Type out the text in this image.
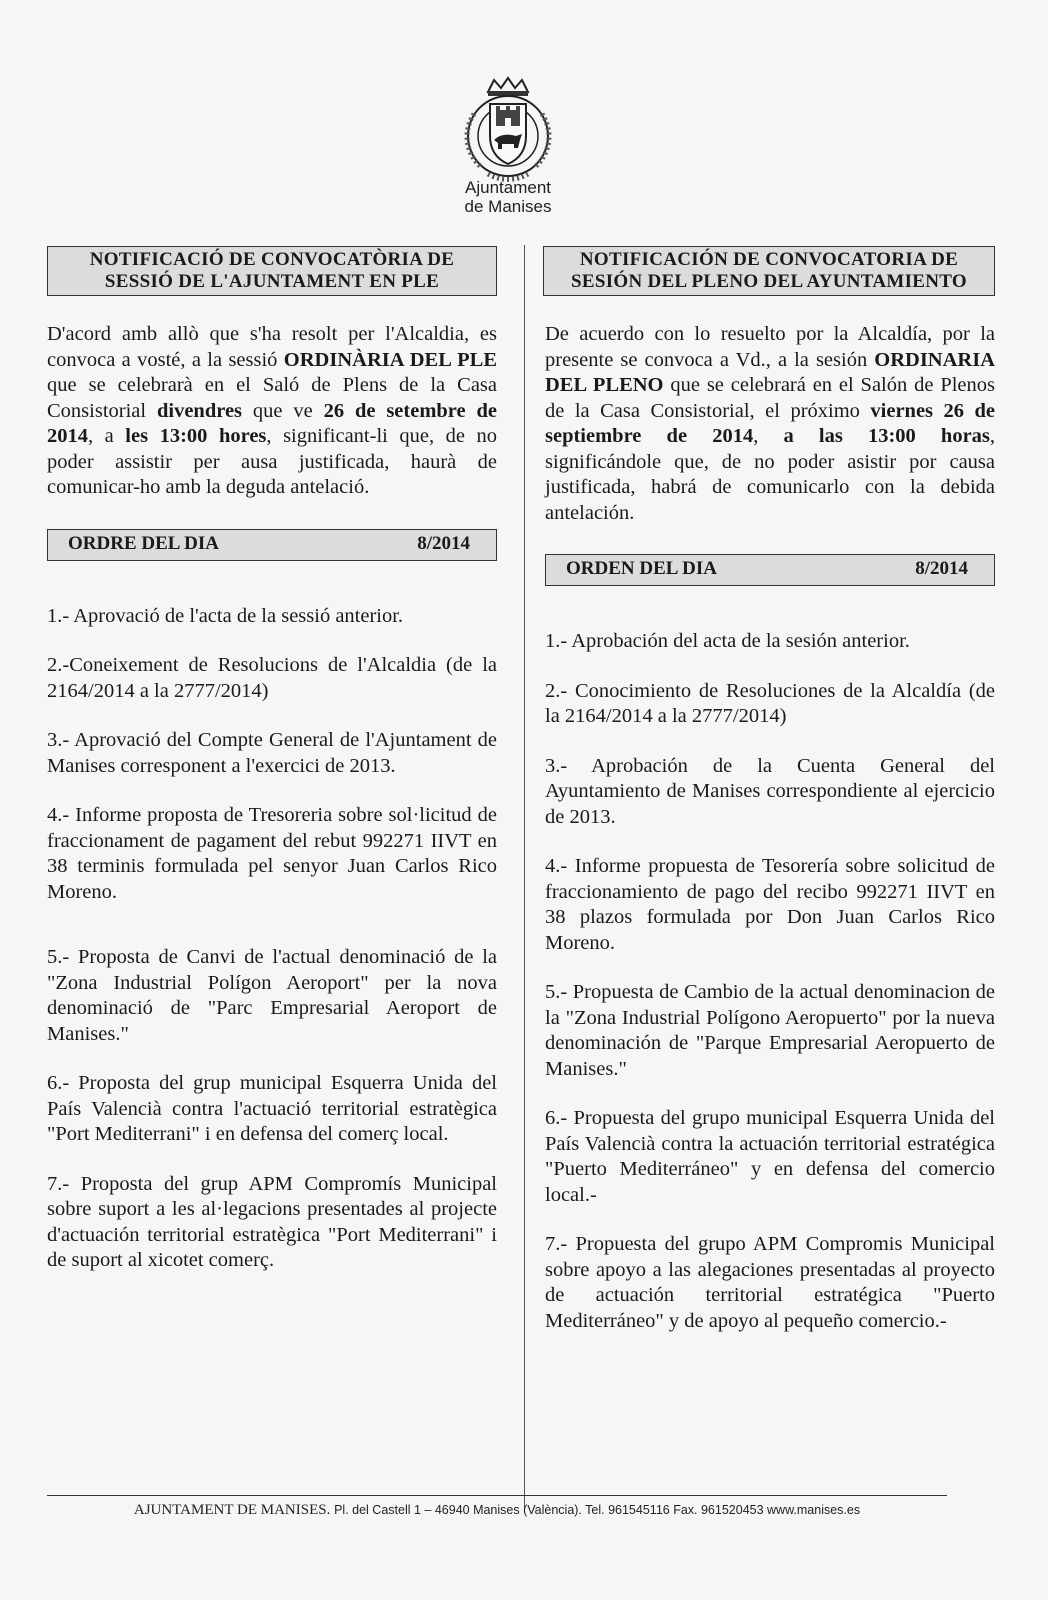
Ajuntament
de Manises
NOTIFICACIÓ DE CONVOCATÒRIA DE
SESSIÓ DE L'AJUNTAMENT EN PLE
D'acord amb allò que s'ha resolt per l'Alcaldia, es convoca a vosté, a la sessió ORDINÀRIA DEL PLE que se celebrarà en el Saló de Plens de la Casa Consistorial divendres que ve 26 de setembre de 2014, a les 13:00 hores, significant-li que, de no poder assistir per ausa justificada, haurà de comunicar-ho amb la deguda antelació.
ORDRE DEL DIA	8/2014
1.- Aprovació de l'acta de la sessió anterior.
2.-Coneixement de Resolucions de l'Alcaldia (de la 2164/2014 a la 2777/2014)
3.- Aprovació del Compte General de l'Ajuntament de Manises corresponent a l'exercici de 2013.
4.- Informe proposta de Tresoreria sobre sol·licitud de fraccionament de pagament del rebut 992271 IIVT en 38 terminis formulada pel senyor Juan Carlos Rico Moreno.
5.- Proposta de Canvi de l'actual denominació de la "Zona Industrial Polígon Aeroport" per la nova denominació de "Parc Empresarial Aeroport de Manises."
6.- Proposta del grup municipal Esquerra Unida del País Valencià contra l'actuació territorial estratègica "Port Mediterrani" i en defensa del comerç local.
7.- Proposta del grup APM Compromís Municipal sobre suport a les al·legacions presentades al projecte d'actuación territorial estratègica "Port Mediterrani" i de suport al xicotet comerç.
NOTIFICACIÓN DE CONVOCATORIA DE
SESIÓN DEL PLENO DEL AYUNTAMIENTO
De acuerdo con lo resuelto por la Alcaldía, por la presente se convoca a Vd., a la sesión ORDINARIA DEL PLENO que se celebrará en el Salón de Plenos de la Casa Consistorial, el próximo viernes 26 de septiembre de 2014, a las 13:00 horas, significándole que, de no poder asistir por causa justificada, habrá de comunicarlo con la debida antelación.
ORDEN DEL DIA	8/2014
1.- Aprobación del acta de la sesión anterior.
2.- Conocimiento de Resoluciones de la Alcaldía (de la 2164/2014 a la 2777/2014)
3.- Aprobación de la Cuenta General del Ayuntamiento de Manises correspondiente al ejercicio de 2013.
4.- Informe propuesta de Tesorería sobre solicitud de fraccionamiento de pago del recibo 992271 IIVT en 38 plazos formulada por Don Juan Carlos Rico Moreno.
5.- Propuesta de Cambio de la actual denominacion de la "Zona Industrial Polígono Aeropuerto" por la nueva denominación de "Parque Empresarial Aeropuerto de Manises."
6.- Propuesta del grupo municipal Esquerra Unida del País Valencià contra la actuación territorial estratégica "Puerto Mediterráneo" y en defensa del comercio local.-
7.- Propuesta del grupo APM Compromis Municipal sobre apoyo a las alegaciones presentadas al proyecto de actuación territorial estratégica "Puerto Mediterráneo" y de apoyo al pequeño comercio.-
AJUNTAMENT DE MANISES. Pl. del Castell 1 – 46940 Manises (València). Tel. 961545116 Fax. 961520453 www.manises.es
